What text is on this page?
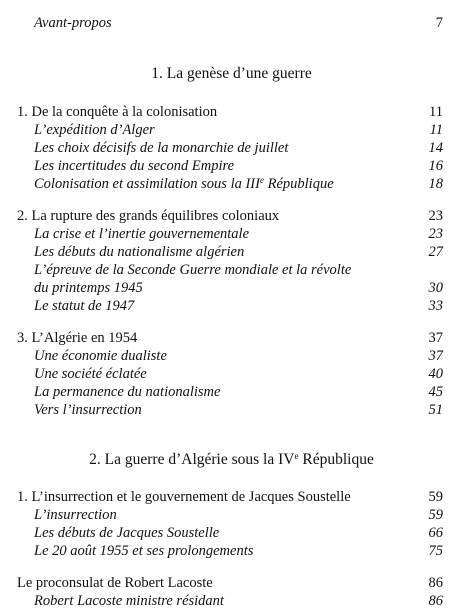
Avant-propos	7
1. La genèse d’une guerre
1. De la conquête à la colonisation	11
L’expédition d’Alger	11
Les choix décisifs de la monarchie de juillet	14
Les incertitudes du second Empire	16
Colonisation et assimilation sous la IIIe République	18
2. La rupture des grands équilibres coloniaux	23
La crise et l’inertie gouvernementale	23
Les débuts du nationalisme algérien	27
L’épreuve de la Seconde Guerre mondiale et la révolte
du printemps 1945	30
Le statut de 1947	33
3. L’Algérie en 1954	37
Une économie dualiste	37
Une société éclatée	40
La permanence du nationalisme	45
Vers l’insurrection	51
2. La guerre d’Algérie sous la IVe République
1. L’insurrection et le gouvernement de Jacques Soustelle	59
L’insurrection	59
Les débuts de Jacques Soustelle	66
Le 20 août 1955 et ses prolongements	75
Le proconsulat de Robert Lacoste	86
Robert Lacoste ministre résidant	86
